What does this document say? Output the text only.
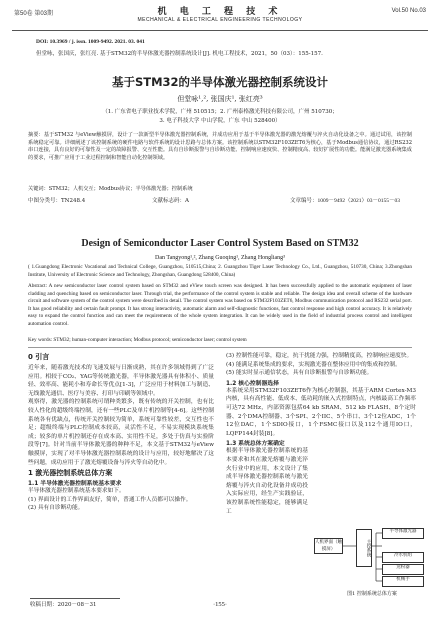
第50卷 第03期	机 电 工 程 技 术
MECHANICAL & ELECTRICAL ENGINEERING TECHNOLOGY
Vol.50 No.03
DOI: 10.3969 / j. issn. 1009-9492. 2021. 03. 041
但堂咏，张国庆，张红亮. 基于STM32的半导体激光器控制系统设计[J]. 机电工程技术，2021，50（03）：155-157.
基于STM32的半导体激光器控制系统设计
但堂咏¹,², 张国庆¹, 张红亮³
（1. 广东省电子职业技术学院，广州 510515；2. 广州泰格激光科技有限公司，广州 510730；
3. 电子科技大学 中山学院，广东 中山 528400）
摘要：基于STM32 与eView触摸屏，设计了一款新型半导体激光器控制系统，并成功应用于基于半导体激光器的激光熔覆与淬火自动化设备之中。通过试用，该控制系统稳定可靠。详细阐述了该控制系统的硬件电路与软件系统的设计思路与总体方案。该控制系统以STM32F103ZET6为核心，基于Modbus通信协议，通过RS232串口连接，具有良好的可靠性及一定的故障报警、交互性能。具有自诊断报警与自诊断功能、控制响应速度快、控制精度高、较好扩展性的功能。能满足激光器系统集成的要求，可推广应用于工业过程控制和智能自动化控制领域。
关键词：STM32；人机交互；Modbus协议；半导体激光器；控制系统
中图分类号：TN248.4	文献标志码：A	文章编号：1009－9492（2021）03－0155－03
Design of Semiconductor Laser Control System Based on STM32
Dan Tangyong¹,², Zhang Guoqing¹, Zhang Hongliang³
( 1.Guangdong Electronic Vocational and Technical College, Guangzhou, 510515,China; 2. Guangzhou Tiger Laser Technology Co., Ltd., Guangzhou, 510730, China; 3.Zhongshan Institute, University of Electronic Science and Technology, Zhongshan, Guangdong 528400, China)
Abstract: A new semiconductor laser control system based on STM32 and eView touch screen was designed. It has been successfully applied to the automatic equipment of laser cladding and quenching based on semiconductor laser. Through trial, the performance of the control system is stable and reliable. The design idea and overall scheme of the hardware circuit and software system of the control system were described in detail. The control system was based on STM32F103ZET6, Modbus communication protocol and RS232 serial port. It has good reliability and certain fault prompt. It has strong interactivity, automatic alarm and self-diagnostic functions, fast control response and high control accuracy. It is relatively easy to expand the control function and can meet the requirements of the whole system integration. It can be widely used in the field of industrial process control and intelligent automation control.
Key words: STM32; human-computer interaction; Modbus protocol; semiconductor laser; control system
0 引言
近年来，随着激光技术的飞速发展与日渐成熟，其在许多领域得到了广泛应用。相较于CO₂、YAG等传统激光器，半导体激光器具有体积小、质量轻、效率高、能耗小和寿命长等优点[1-3]，广泛应用于材料加工与制造、无线激光通信、医疗与美容、打印与印刷等领域中。
观察得，激光器的控制系统可谓种类繁多，既有传统的开关控制，也有比较人性化的超级终端控制，还有一些PLC及单片机控制等[4-6]。这些控制系统各有优缺点，传统开关控制较为简单，系统可靠性较差，交互性也不足；超级终端与PLC控制成本较高，灵活性不足，不易实现模块系统集成；较多的单片机控制还存在成本高、实用性不足，多处于仿真与实验阶段等[7]。针对当前半导体激光器的种种不足，本文基于STM32与eView触摸屏，实现了对半导体激光器控制系统的设计与应用，较好地解决了这些问题，成功应用于了激光熔覆设备与淬火等自动化中。
1 激光器控制系统总体方案
1.1 半导体激光器控制系统基本要求
半导体激光器控制系统基本要求如下。
(1) 界面设计的工作界面友好，简单，普通工作人员都可以操作。
(2) 具有自诊断功能。
收稿日期：2020－08－31
(3) 控制性能可靠，稳定，抗干扰能力强，控制精度高，控制响应速度快。
(4) 能满足系统集成的要求，实现激光器在整体应用中的集成和控制。
(5) 能实时显示通信状态，具有自诊断报警与自诊断功能。
1.2 核心控制器选择
本系统采用STM32F103ZET6作为核心控制器，其基于ARM Cortex-M3内核，具有高性能、低成本、低功耗的嵌入式控制特点，内核最高工作频率可达72 MHz，内部资源包括64 kb SRAM、512 kb FLASH、8个定时器、2个DMA控制器、3个SPI、2个IIC、5个串口、3个12位ADC，1个12位DAC，1个SDIO接口，1个FSMC接口以及112个通用IO口，LQFP144封装[8]。
1.3 系统总体方案确定
根据半导体激光器控制系统的基本要求和其在激光熔覆与激光淬火行业中的应用，本文设计了集成半导体激光器控制系统与激光熔覆与淬火自动化设备并成功投入实际应用，经生产实践验证，该控制系统性能稳定，能够满足工
人机界面（触摸屏）	主控系统
半导体激光器
冷水机组
送粉器
机械手
图1 控制系统总体方案
·155·
